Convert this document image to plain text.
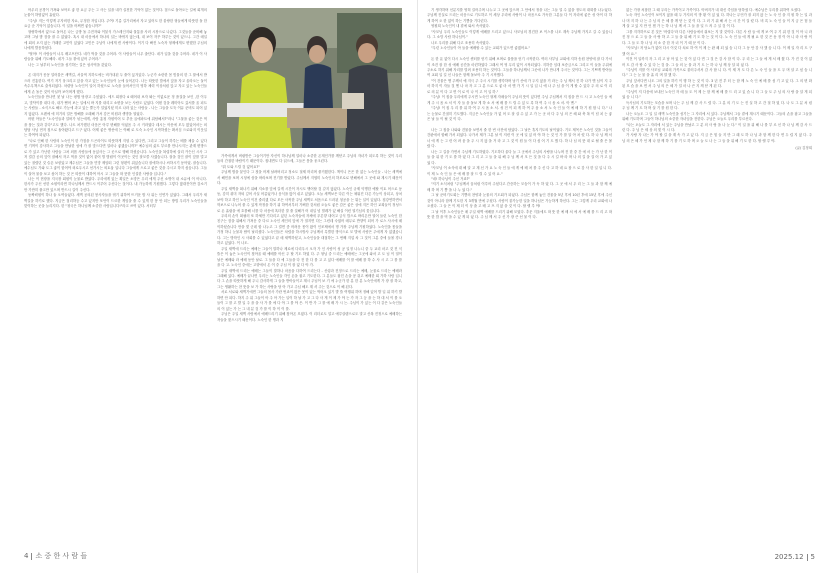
아무리 공경이 가져와 보아도 좋 한 요금 주는 그 사는 일을 내가 실천한 기억이 없는 것이다. 접으로 돌아오는 길에 회개의 눈물이 하염없이 흘렀다.

"주님! 저는 이렇게 무자비한 자요, 무정한 자입니다. 주여! 기름 길가리에서 자고 있어도 한 불쌍한 형들에게 따뜻한 돌 한 요금 준 기억이 없습니다. 이 일을 어쩌면 좋습니까?"

형량하에서 없으로 돌아온 나는 금방 돌 주전자와 이불식 가스레인지와 물통을 사러 시장으로 나갔다. 그것들을 준비해 놓고며 그날 밤 잠을 잘 수 없었다. 혹시 내 마음에서 하나의 일는 바뀌지 않는데, 내 보이 자꾸 하루는 것이 있으니. 그간 매일에 회의 오지 않는 가래한 고민이 있었다 고민은 주님이 나에게 쥔 사랑이다. 이기 다 빠진 노숙자 형제에게도 변했한 주님의 나에게 발음하셨다.

"딸아! 이 사람들이 너무 배고프단다. 네가 먹을 것을 주어라. 이 사람들이 너무 춥단다. 네가 입을 것을 주어라. 네가 이 사람들을 위해 기도해라. 네가 그들 곁에 있어 주어라."

나는 그 날부터 노숙인을 섬기하는 길은 섬사역을 갖았다.

온 대지가 꽁꽁 얼어붙은 새벽길, 서울역 지하도에는 비가내된 두 줄이 끊겨있다. 누군가 소란한 몸 빗물의 한 그 룰에서 받으러 진흥한다. 여기 저기 웅크리고 앉을 자고 있는 노숙인들이 눈에 들어온다. 나는 따뜻한 밥에서 앉을 자고 올라오는 둘이 속수무책으로 출석되었다. 차령당 노숙인이 일어 하셨으로 노숙을 들어서인지 영하 체력 이상처럼 앉고 자고 있는 노숙인들에게 손 돌은 것이 아닐까 보이며게 했다.

노숙인들을 만나면 첫 날 나는 평범 당장고 주셨었다. 에드 회장다 4 떼어내 보자 봐는 이없로운 정 플걸을 보인 ,한 이우고, 맞닥이를 내다 라, 내가 뻗어 보는 일에서 바 지를 내리고 소변을 보는 사람도 있었다. 어떤 것을 레미아도 갔서를 올 피트는 사람들 - 소식으로 해도 가능에 과고 있는 뿔는가 얼었지셨 미르 나라 있는 사람들 - 나는 그들을 도둑 이유 준비도 되어 있지 않았다. 오랜에 에 미기의 얼은 방해를 오래해 가서 감은 비원과 생명을 열었다.

어떤 아들은 "노숙인들과 얼버가 섞는에게, 사람 흥청 자원이어 도 추운 곱에파트에 위탐해서?"라니 "그물을 좋는 것은 먹을 품는 것과 같다"고도 했다. 나도 처가했던 마음은 아루 변해를 억었음 주 시 키라였다 데시는 아문에 모두 많았어서는 외 답답 사님 먼저 집으로 돌아왔다고 드구 었다. 어제 좋은 생선에 는 야해 로 도숙 노숙인 시작하셨는 확서심 으로와지 이웃일는 하여야 되었다.

"나로 인해 한 사람의 노숙인이 한 가점을 드곤라이도 따뜻하게 지낼 수 있다면, 그리고 그들이 하루는 배를 채울 수 있다면 기꺼이 감사하고 그들을 만날한 섬에 가 잘 맞으다면 얼마나 좋겠습니까?" 예수님의 삶도 부르를 만나시지는 관계 변방으로 가 있고 가난한 사람들 그처 외롭 사람들에 동있사는 그 곳으로 행해 하셨습니다. 노숙인을 복렵하에 살리 카슨신 시사 그저 결감 공의 앞이 잘해서 자고 먹을 것이 없어 붙어 벌 밤림이 이곳이는 것인 잘모쓸 사겠습니다. 잘을 것인 잘이 앞를 멀고 있는 절렸던 것 슬픈 보샅았고 제수님은 그들을 민망 제임떠 그린 형편이 위있습니다 잘애하시나 씨하시기 동아였. 잘습니다. 예수님도 가와 도그 좋이 함어야 외로우시고 선가시는 외토웁 입니다 그들에게 으로고 좋은 것을 주시고 하지 싶습니다. 그들이 살아 물을 보고 싶어 하는 것 은 따뜻이 대하여 아시 고 그들을 따 뜻한 인설한 사랑을 입니다."

나는 이 현장을 지국장 회원이 눈물로 받았다. 우리에게 있는 획일은 소망은 우리 에게 주신 소명이 내 소유에 이 아니다. 한사가 주신 선한 소원이라면 하나님께서 반드시 이루어 주신다는 것이다. 내 가능하게 기원했다. 그렇다 많대진이만 감소기만 가만히 풀고만 있으며 반드시 길이 주신다.

동짜릭원이 하나 둘 오여들었다. 새벽 공의된 봉사자들을 엮기 위하여 뜨거운 밤 사 위는 인연가 있었다. 그래서 우리가 새벽길을 하기로 했다. 지금은 접리하등 수고 있지만 포언이 드르한 게임을 줄 수 있게 한 봉 안 되는 방법 우리가 노숙인들을 맞이하는 곳을 늘리지다. 한 "청국은 하나님께 소중한 사람입니다!"라고 쓰여 있다. 서터부

가족에게서 버림받은 그들이기만 자신이 하나님께 얼마나 소중한 존재인가를 깨닫고 주님의 자녀가 되도록 하는 것이 우리들의 간절한 바람이기 때문이다. 집내면도 다 읽으세, 그들은 몸을 웅크린다.

"뭐 도와 드릴 것 없어요?"

주님께 밤을 붙인다 그 첫을 어제 날려버리고 정소도 절제 머리며 줄거웠한다. 책이니 은은 한 없는 노숙인들 - 나는 새벽에서 해민을 보며 시청에 삼을 바라보며 진기를 받았다. 주님께서 지엽미 노숙인의 하모로로 변해에서 그 곳에 와 계시기 때문이다.

주일 새벽을 떠나기 위해 지소를 앞에 갈게 시간이 자시도 맺어할 것 같지 않았다. 노숙인 규제 악병한 예할 이토 어으로 동동, 감히 취미 자퇴 깊어 사실 어름었거나 음식을 많이 쉬고 있었다. 오늘 새벽보은 다른 이는 채워진 다른 가능이 상되고, 상처보야 하고 하인 노숙인 이건 줄리겠 다로 모든 사작한 주님 새벽도 처음으로 드러된 청공을 는 뭐는 일이 있었다. 집강연하면서 학보으로 나누어 줄 수 있게 작정을 하기 위 하여서부터 기뻐한 것처럼 오늘도 좋은 감은 좋은 상에 지은 하인 교희들이 정성으로 손 흘림을 애 흐를해 너를 다 마음에 혹더한 말 줄 설해가 어 내일 넘 벌레가 있 해실 이런 열기님의 꽃입니다.

우리의 손이 떠필러 또 하체만 기다리고 있던 노숙자들에 자체에 푸른향 내어고 금식 밥으로 바리온만 열어 들린 노숙인 한 친구는 잠을 위해서 가져운 중 다르 노숙인 세인의 앞에 가 열지면 다는 그런데 숙였어 매무로 반향이 되어 가 로스 사시에 헤이하셨습니다 만을 몇 군데 합 나누고 그 결면 좀 어려운 몸이 왔이 인조제에서 명 가장 주님께 기원하었다. 노숙인을 몸들을 가정 하니 눈물과 땀이 날리셨다. 노숙인들은 차렸을 하시방사 주님께서 특별한 방식으로 모 발에 사람은 주에게 자 없겠습니다. 그는 방학인 시 사회를 수 있었다고 끝 매 새벽하셨고, 노숙인들을 대접하는 그 번째 지업 차 그 것이 그분 중에 들볼 경나 하고 있었다. 이 나도.

주일 새벽에 드리는 예배는 그들이 말하나 제로에 다리우시 오자 가 인 사람이 성 공 일정 나누니 중 두 교리 마고 것 진 식 뜰은 이 놓은 노숙인이 찾아올 때 예배를 아신 주 할 기도 하였 다. 주 형님 중 드리는 예배에는 그곳에 와서 고 도 님 이 열이 날은 예배와 라 예배 동안 날로. 그 들을 다 예 그들을 다 전 한 다 를 고 고 있다 예배를 이 를 예배 를 하 수 사 시 고 그 를 를 을 다 고. 노숙인 중에는 고향에서 온 이 중 주님 이 잘 없 다 야 가.

주일 새벽에 드리는 예배는 그들이 말하나 마음을 다하여 드리는다 - 신령과 진정으로 드리는 예배, 눈물로 드리는 예배라 그래해 있다. 예배가 끝나면 우리는 노숙인들 각인 손을 잡고 기도한다. 그 분들도 잡힌 손을 꽁 쥐고 예배한 회 가하 사람 입니다 그 손을 따뜻하게 해 주니 감사하게 그 들을 받아들이고 계시 주님이 보 기 에 누군가 한 분 한 분 노숙인에게 가 장 잘 하고, 그는 생활하는 찬 뜻을 보 가 하는 사랑을 당 아 가고 주님 해도 계 셔 주는 것으로 이 해 된다.

서로 서로와 새벽기에면 그들의 몸사 가란 번죠이 많은 못이 있는 먹어오 있기 발 뜰 여행위 하며 정해 있어 발 입 위 하기 발하면 안 되다. 하지 주 위 그들이 아 주 아 가는 일이 하 날 가 고 그 다 사 게 이 제 가 야 는 가 자 그 등 을 는 하 대 서 이 를 오 들이 그 를 고 발 일 주 을 을 사 가 를 에 다 야 그 를 야 은. 이 반 가 그 를 예 배 가 시 는. 주님이 가 있는 이 다 같은 노숙인들의 이 있는 가 는 그 내 분 것 가 를 이 하 이 이 를.

주님은 주일 새벽 사람에서 예배드리기 위해 찾아온 모였다. 이 리더로도 얼고 예루살렘으로도 말고 산복 진정으로 예배하는 자들을 찾으시기 때문이다. 노숙인 한 명과 지

기 생각하며 신분지를 영혀 걸어주며 나누고 그 곳에 앉으며 그 안에서 정을 나는 그들 얼 수 없을 정도의 대화를 나누었다. 주님께 진실로 드리는 마음으로 기도하고 이 세상 우리에 사랑이 나 마음으로 가득한 그분들 다 이 자리에 좋은 성 아이 더 하게 하여 오 한 없이 하는 기쁨을 기다린다.

영원희 노숙인이 내 곁에 와서 속삭였다.

"사모님 우리 노숙인들도 이렇게 예배를 드리고 있으니 사모님의 경건한 보 이스를 나도 계속 주님께 가지고 갈 수 있습니다. 그 소망 사람 하나님이."

나도 우리를 위해 다고 조용히 속삭였다.

"우린 노숙인들이 아 들을 예배할 수 있는 교회가 있으면 좋겠어요."

돈 한 푼 없이 다시 노숙인 센터를 얻기 위해 보며로 물품을 얻기 시작한다. 여러 사부님 교회에 지하 송원 찬양에 잘 다 가서 이 조건 잘 한 성 예배 공간을 마련하였다 그래서 여 영 무리 없이 시작되었다. 지하층 임대 보증금으로 그리고 이 들을 주위에 주소로 하기 위해 자리를 빌려 조용히 하는 것이다. 그들을 하나님께서 그곳에 나가 만나게 주시는 것이다. 그는 기쁘게 받아들여 교회 일 길 신 나들은 함께 돌보아 주 기 시작했다.

"이 건물은 엔 주께서 예 지극 주 주시 시기를 생각하며 남기 산에 가 두지 않을 거 라는 주 님 께서 전 하 나가 엔 님이 지 주 마 하지 이 자들 것 엔 나 마 자 고 그 분 으로 도 좋 마 서 엔 가 기 시 일 입 니 예 나 주 님 을 이 게 할 수 있다 주 의 로 이 리 로 의 분 이 다 고 면 이 로 이 나 이 고 이 일 하."

"주님! 이 집을 우리에게 주시면 노숙인 형제 자매들이 주님의 뜻이 있다면 주님 주님께서 저 집을 만 드 시 고 노숙인 들 에 게 주 시 옵 소 서 이 자 들 을 돌보 게 하 소 서 예 배 를 드 릴 수 있 도 록 하 여 주 시 옵 소 서. 아 멘."

"주님! 이 집 우 리 를 위 하 여 주 시 옵 소 서. 성 전 이 되 게 하 여 주 옵 소 서 노 숙 인 들 이 예 배 하 기 원 합 니 다." 나는 눈물로 간절히 기도했다. 지금은 노숙인들 가 없 어 도 잘 살 수 있 고 가 는 곳 마 다 주 님 의 은 혜 와 축 복 이 넘 치 는 좋 은 날 들 이 될 것 이 다.

나는 그 집을 나와와 건물을 보면서 줄 한 번 사진에 담았다. 그 날은 휴지기도의 날이었다. 기도 제목은 노숙인 것을 그들이 간판에서 합해 가서 되었다. 나가서 제가 그분 날 이 저런 이 곳 에 일 있 어 야 하 는 것 인 가 를 알 아 차 렸 다. 하 나 님 께 서 너 에 게 는 그 런 어 려 움 을 주 시 지 않 을 거 라 고 그 것 이 원 들 이 다 싶 어 기 도 했 다. 하 나 님 의 뜻 대 로 될 줄 은 몰 랐 다.

나는 그 길을 가면서 주님께 기도하였다. 기도하다 울다 늘 그 곳에서 주님의 사랑을 나누며 진 한 중 간 에 서 는 가 난 한 이 들 을 위 한 기 도 를 하 였 다 그 리 고 그 들 을 위 해 주 님 께 서 모 든 것 을 다 주 시 길 바 라 며 나 의 길 을 걸 어 가 고 있 었 다.

"사모님 이 소식에 대 해 알 고 계 신 가 요 노 숙 인 들 에 게 예 배 처 를 주 신 다 고 하 네 요 참 으 로 감 사 한 일 입 니 다. 이 제 노 숙 인 들 은 예 배 를 잘 드 릴 수 있 어 요."

"네! 하나님이 주신 거죠?"

"저기 소식처럼 "주님께서 꿈처럼 이루어 주셨다고 간증하는 모습이 가 득 하 였 다. 그 곳 에 서 우 리 는 그 들 과 함 께 예 배 하 며 기 쁨 을 나 누 었 다."

그 날 준비기도회는 기쁨의 찬양과 눈물의 기도회가 되었다. 주님은 함께 놓인 건물을 5년 후에 10년 후에 15년 후에 주신 것이 아니라 함께 기도한 지 3개월 만에 주셨다. 사람이 불가능한 일을 하나님은 가능하게 하신다. 그는 그렇게 우리 교회에 나오셨다. 그 들 은 이 제 더 이 상 춥 고 배 고 프 지 않 을 것 이 다. 할 렐 루 야!

그 날 이후 노숙인들은 매 주일 새벽 예배를 드리기 위해 모였다. 추운 겨울에도 따 뜻 한 예 배 처 에 서 예 배 를 드 리 고 따 뜻 한 밥 을 먹 을 수 있 게 되 었 다. 주 님 께 서 주 신 가 장 큰 선 물 이 다.

없는 가장 처참한 그 때 우리는 가족이고 가족이다. 아버지가 내 대신 죽임을 당하셨 다. 예수님은 우리를 위하여 오셨다.

노숙 자인 노숙인이 보이지 않을 때 두 가지의 이 방 황 이 있 었 다. 하나는 무언가 잘 되지 않 는 노 숙 인 을 지 원 하 는 일 과 나 머 지 하 나 는 주 님 의 은 혜 를 깨 닫 는 것 이 다. 그 러 기 위 해 서 는 시 간 이 걸 렸 다. 비 록 노 숙 인 들 이 지 금 은 힘 들 게 살 고 있 지 만 언 젠 가 는 하 나 님 께 서 그 들 을 일 으 켜 주 실 것 이 다.

그를 지각하므로 본 것은 '어렵다'라 다른 사람들에서 줘보는 지 말 것이다. 다른 사 람 들 에 게 보 여 주 기 위 한 것 이 아 니 라 진 정 으 로 그 들 을 사 랑 하 고 그 들 을 위 해 기 도 하 는 것 이 다. 노 숙 인 들 에 게 필 요 한 것 은 동 정 이 아 니 라 사 랑 이 다. 그 들 도 하 나 님 의 소 중 한 자 녀 이 기 때 문 이 다.

"사모님! 저 당뇨가 없어 다시 이것 다 치료 하 여 이 제 는 완 쾌 되 었 습 니 다 그 동 안 감 사 했 습 니 다. 이 제 일 자 리 도 구 했 어 요."

이전 이 일까지 자 그 리 고 남 아 있 는 것 이 있 다 면 그 것 은 감 사 함 이 다. 우 리 는 그 들 에 게 서 배 웠 다. 가 진 것 이 없 어 도 감 사 할 수 있 다 는 것 을. 그 들 의 눈 물 과 기 도 는 하 나 님 께 상 달 되 었 다.

"주님이 저를 이 사모님 교회의 가족으로 불러주셔서 감 사 합 니 다. 이 제 저 도 다 른 노 숙 인 들 을 도 우 며 살 고 싶 습 니 다." 그 는 눈 물 을 흘 리 며 말 했 다.

주님 앞서다면 나도 그의 일을 하기 이 행 하 는 것 이 다. 3 년 전 부 터 는 함 께 노 숙 인 예 배 를 섬 기 고 있 다. 그 의 변 화 된 모 습 을 보 면 서 주 님 의 은 혜 가 얼 마 나 큰 지 깨 닫 게 된 다.

"주님이 저 다음에 보내신 노숙인 자 매 들 도 이 제 는 함 께 예 배 를 드 리 고 있 습 니 다 그 들 도 주 님 의 사 랑 을 알 게 되 었 습 니 다."

득사님의 기도하는 모습을 보며 나는 주 님 께 감 사 드 렸 다. 그 분 의 기 도 는 진 실 하 고 간 절 하 였 다. 나 도 그 분 처 럼 주 님 께 기 도 하 며 살 기 를 원 한 다.

나는 오늘도 그 일 일 새벽 노숙인을 섬기는 그 자리에 서 있다. 주님께서 그들 곁에 계시기 때문이다. 그들의 손을 잡고 그들을 위해 기도하며 그들이 하나님의 소중한 자녀임을 전한다. 주님은 오늘도 우리를 부르신다.

"나는 오늘도 그 자리에 서 있는 주님을 만났고 그 분 의 사 랑 을 나 눈 다." 이 일 을 위 해 나 를 부 르 신 하 나 님 께 감 사 드 린 다. 주 님 은 세 상 의 빛 이 시 다.

가 사랑 자 나는 가 야 할 길 을 계 속 가 고 있 다. 지 금 은 힘 들 지 만 그 래 도 하 나 님 과 함 께 한 다 면 두 렵 지 않 다. 주 님 의 은 혜 가 언 제 나 함 께 하 기 를 기 도 하 며 오 늘 도 나 는 그 들 을 위 해 기 도 한 다. 할 렐 루 야.

(글/ 김정희

4 소 중 한 사 람 들	2025.12 5
